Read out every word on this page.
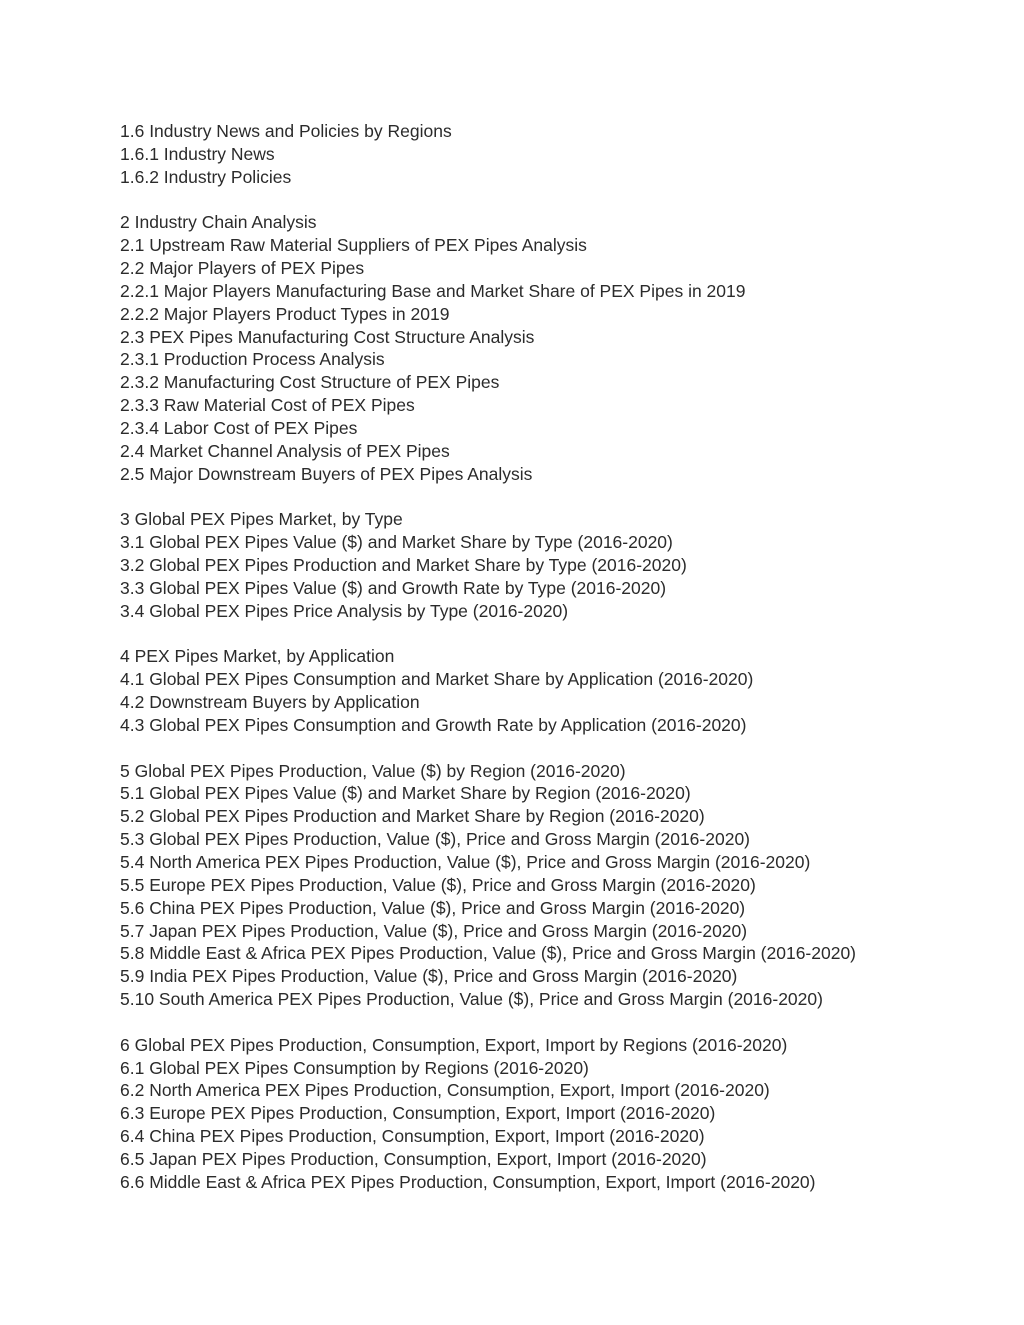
1.6 Industry News and Policies by Regions
1.6.1 Industry News
1.6.2 Industry Policies
2 Industry Chain Analysis
2.1 Upstream Raw Material Suppliers of PEX Pipes Analysis
2.2 Major Players of PEX Pipes
2.2.1 Major Players Manufacturing Base and Market Share of PEX Pipes in 2019
2.2.2 Major Players Product Types in 2019
2.3 PEX Pipes Manufacturing Cost Structure Analysis
2.3.1 Production Process Analysis
2.3.2 Manufacturing Cost Structure of PEX Pipes
2.3.3 Raw Material Cost of PEX Pipes
2.3.4 Labor Cost of PEX Pipes
2.4 Market Channel Analysis of PEX Pipes
2.5 Major Downstream Buyers of PEX Pipes Analysis
3 Global PEX Pipes Market, by Type
3.1 Global PEX Pipes Value ($) and Market Share by Type (2016-2020)
3.2 Global PEX Pipes Production and Market Share by Type (2016-2020)
3.3 Global PEX Pipes Value ($) and Growth Rate by Type (2016-2020)
3.4 Global PEX Pipes Price Analysis by Type (2016-2020)
4 PEX Pipes Market, by Application
4.1 Global PEX Pipes Consumption and Market Share by Application (2016-2020)
4.2 Downstream Buyers by Application
4.3 Global PEX Pipes Consumption and Growth Rate by Application (2016-2020)
5 Global PEX Pipes Production, Value ($) by Region (2016-2020)
5.1 Global PEX Pipes Value ($) and Market Share by Region (2016-2020)
5.2 Global PEX Pipes Production and Market Share by Region (2016-2020)
5.3 Global PEX Pipes Production, Value ($), Price and Gross Margin (2016-2020)
5.4 North America PEX Pipes Production, Value ($), Price and Gross Margin (2016-2020)
5.5 Europe PEX Pipes Production, Value ($), Price and Gross Margin (2016-2020)
5.6 China PEX Pipes Production, Value ($), Price and Gross Margin (2016-2020)
5.7 Japan PEX Pipes Production, Value ($), Price and Gross Margin (2016-2020)
5.8 Middle East & Africa PEX Pipes Production, Value ($), Price and Gross Margin (2016-2020)
5.9 India PEX Pipes Production, Value ($), Price and Gross Margin (2016-2020)
5.10 South America PEX Pipes Production, Value ($), Price and Gross Margin (2016-2020)
6 Global PEX Pipes Production, Consumption, Export, Import by Regions (2016-2020)
6.1 Global PEX Pipes Consumption by Regions (2016-2020)
6.2 North America PEX Pipes Production, Consumption, Export, Import (2016-2020)
6.3 Europe PEX Pipes Production, Consumption, Export, Import (2016-2020)
6.4 China PEX Pipes Production, Consumption, Export, Import (2016-2020)
6.5 Japan PEX Pipes Production, Consumption, Export, Import (2016-2020)
6.6 Middle East & Africa PEX Pipes Production, Consumption, Export, Import (2016-2020)
